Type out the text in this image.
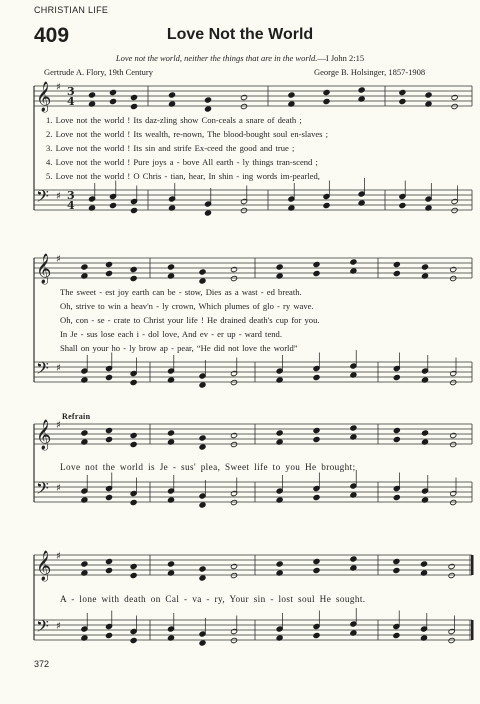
CHRISTIAN LIFE
409	Love Not the World
Love not the world, neither the things that are in the world.—I John 2:15
Gertrude A. Flory, 19th Century	George B. Holsinger, 1857-1908
Refrain
𝄞
𝄢
♯
♯
3
4
3
4
𝄞
𝄢
♯
♯
𝄞
𝄢
♯
♯
𝄞
𝄢
♯
♯
1. Love not the world ! Its daz-zling show Con-ceals a snare of death ;
2. Love not the world ! Its wealth, re-nown, The blood-bought soul en-slaves ;
3. Love not the world ! Its sin and strife Ex-ceed the good and true ;
4. Love not the world ! Pure joys a - bove All earth - ly things tran-scend ;
5. Love not the world ! O Chris - tian, hear, In shin - ing words im-pearled,
The sweet - est joy earth can be - stow, Dies as a wast - ed breath.
Oh, strive to win a heav'n - ly crown, Which plumes of glo - ry wave.
Oh, con - se - crate to Christ your life ! He drained death's cup for you.
In Je - sus lose each i - dol love, And ev - er up - ward tend.
Shall on your ho - ly brow ap - pear, “He did not love the world”
Love not the world is Je - sus' plea, Sweet life to you He brought;
A - lone with death on Cal - va - ry, Your sin - lost soul He sought.
372
